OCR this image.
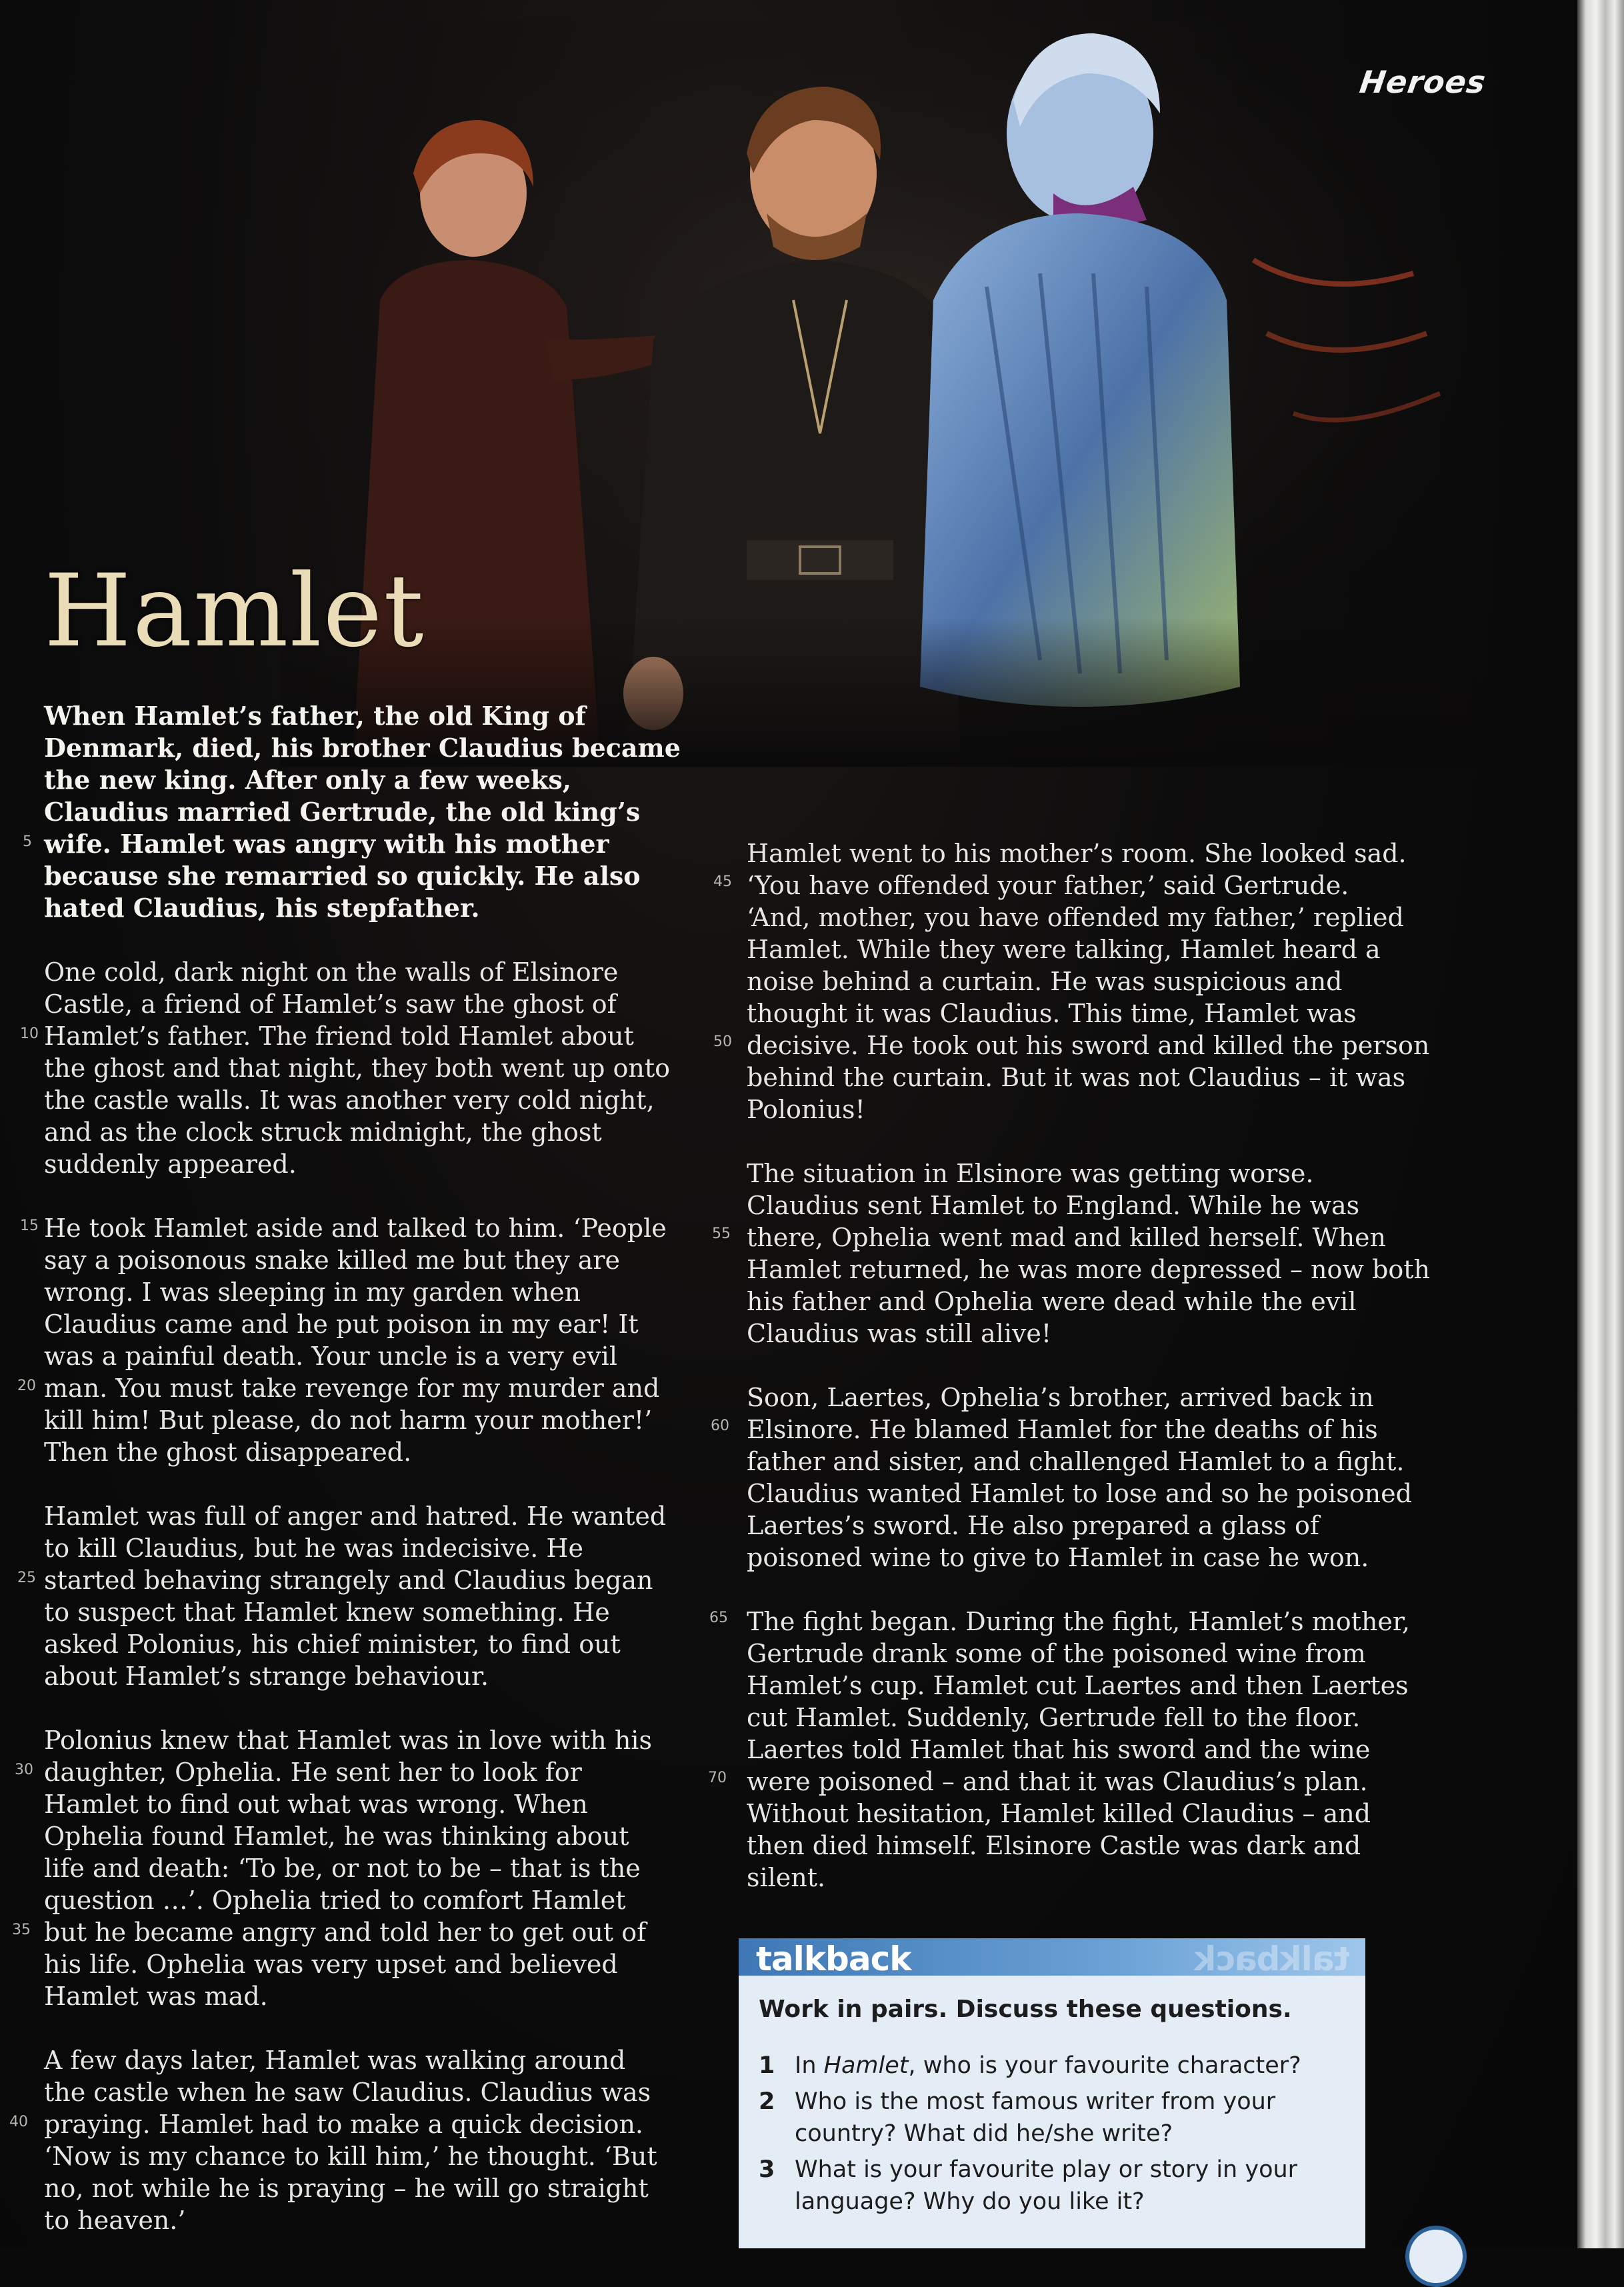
Heroes
Hamlet

When Hamlet’s father, the old King of
Denmark, died, his brother Claudius became
the new king. After only a few weeks,
Claudius married Gertrude, the old king’s
wife. Hamlet was angry with his mother
because she remarried so quickly. He also
hated Claudius, his stepfather.

One cold, dark night on the walls of Elsinore
Castle, a friend of Hamlet’s saw the ghost of
Hamlet’s father. The friend told Hamlet about
the ghost and that night, they both went up onto
the castle walls. It was another very cold night,
and as the clock struck midnight, the ghost
suddenly appeared.

He took Hamlet aside and talked to him. ‘People
say a poisonous snake killed me but they are
wrong. I was sleeping in my garden when
Claudius came and he put poison in my ear! It
was a painful death. Your uncle is a very evil
man. You must take revenge for my murder and
kill him! But please, do not harm your mother!’
Then the ghost disappeared.

Hamlet was full of anger and hatred. He wanted
to kill Claudius, but he was indecisive. He
started behaving strangely and Claudius began
to suspect that Hamlet knew something. He
asked Polonius, his chief minister, to find out
about Hamlet’s strange behaviour.

Polonius knew that Hamlet was in love with his
daughter, Ophelia. He sent her to look for
Hamlet to find out what was wrong. When
Ophelia found Hamlet, he was thinking about
life and death: ‘To be, or not to be – that is the
question …’. Ophelia tried to comfort Hamlet
but he became angry and told her to get out of
his life. Ophelia was very upset and believed
Hamlet was mad.

A few days later, Hamlet was walking around
the castle when he saw Claudius. Claudius was
praying. Hamlet had to make a quick decision.
‘Now is my chance to kill him,’ he thought. ‘But
no, not while he is praying – he will go straight
to heaven.’

5
10
15
20
25
30
35
40

Hamlet went to his mother’s room. She looked sad.
‘You have offended your father,’ said Gertrude.
‘And, mother, you have offended my father,’ replied
Hamlet. While they were talking, Hamlet heard a
noise behind a curtain. He was suspicious and
thought it was Claudius. This time, Hamlet was
decisive. He took out his sword and killed the person
behind the curtain. But it was not Claudius – it was
Polonius!

The situation in Elsinore was getting worse.
Claudius sent Hamlet to England. While he was
there, Ophelia went mad and killed herself. When
Hamlet returned, he was more depressed – now both
his father and Ophelia were dead while the evil
Claudius was still alive!

Soon, Laertes, Ophelia’s brother, arrived back in
Elsinore. He blamed Hamlet for the deaths of his
father and sister, and challenged Hamlet to a fight.
Claudius wanted Hamlet to lose and so he poisoned
Laertes’s sword. He also prepared a glass of
poisoned wine to give to Hamlet in case he won.

The fight began. During the fight, Hamlet’s mother,
Gertrude drank some of the poisoned wine from
Hamlet’s cup. Hamlet cut Laertes and then Laertes
cut Hamlet. Suddenly, Gertrude fell to the floor.
Laertes told Hamlet that his sword and the wine
were poisoned – and that it was Claudius’s plan.
Without hesitation, Hamlet killed Claudius – and
then died himself. Elsinore Castle was dark and
silent.

45
50
55
60
65
70
talkback	talkback
Work in pairs. Discuss these questions.
1 In Hamlet, who is your favourite character?
2 Who is the most famous writer from your country? What did he/she write?
3 What is your favourite play or story in your language? Why do you like it?
